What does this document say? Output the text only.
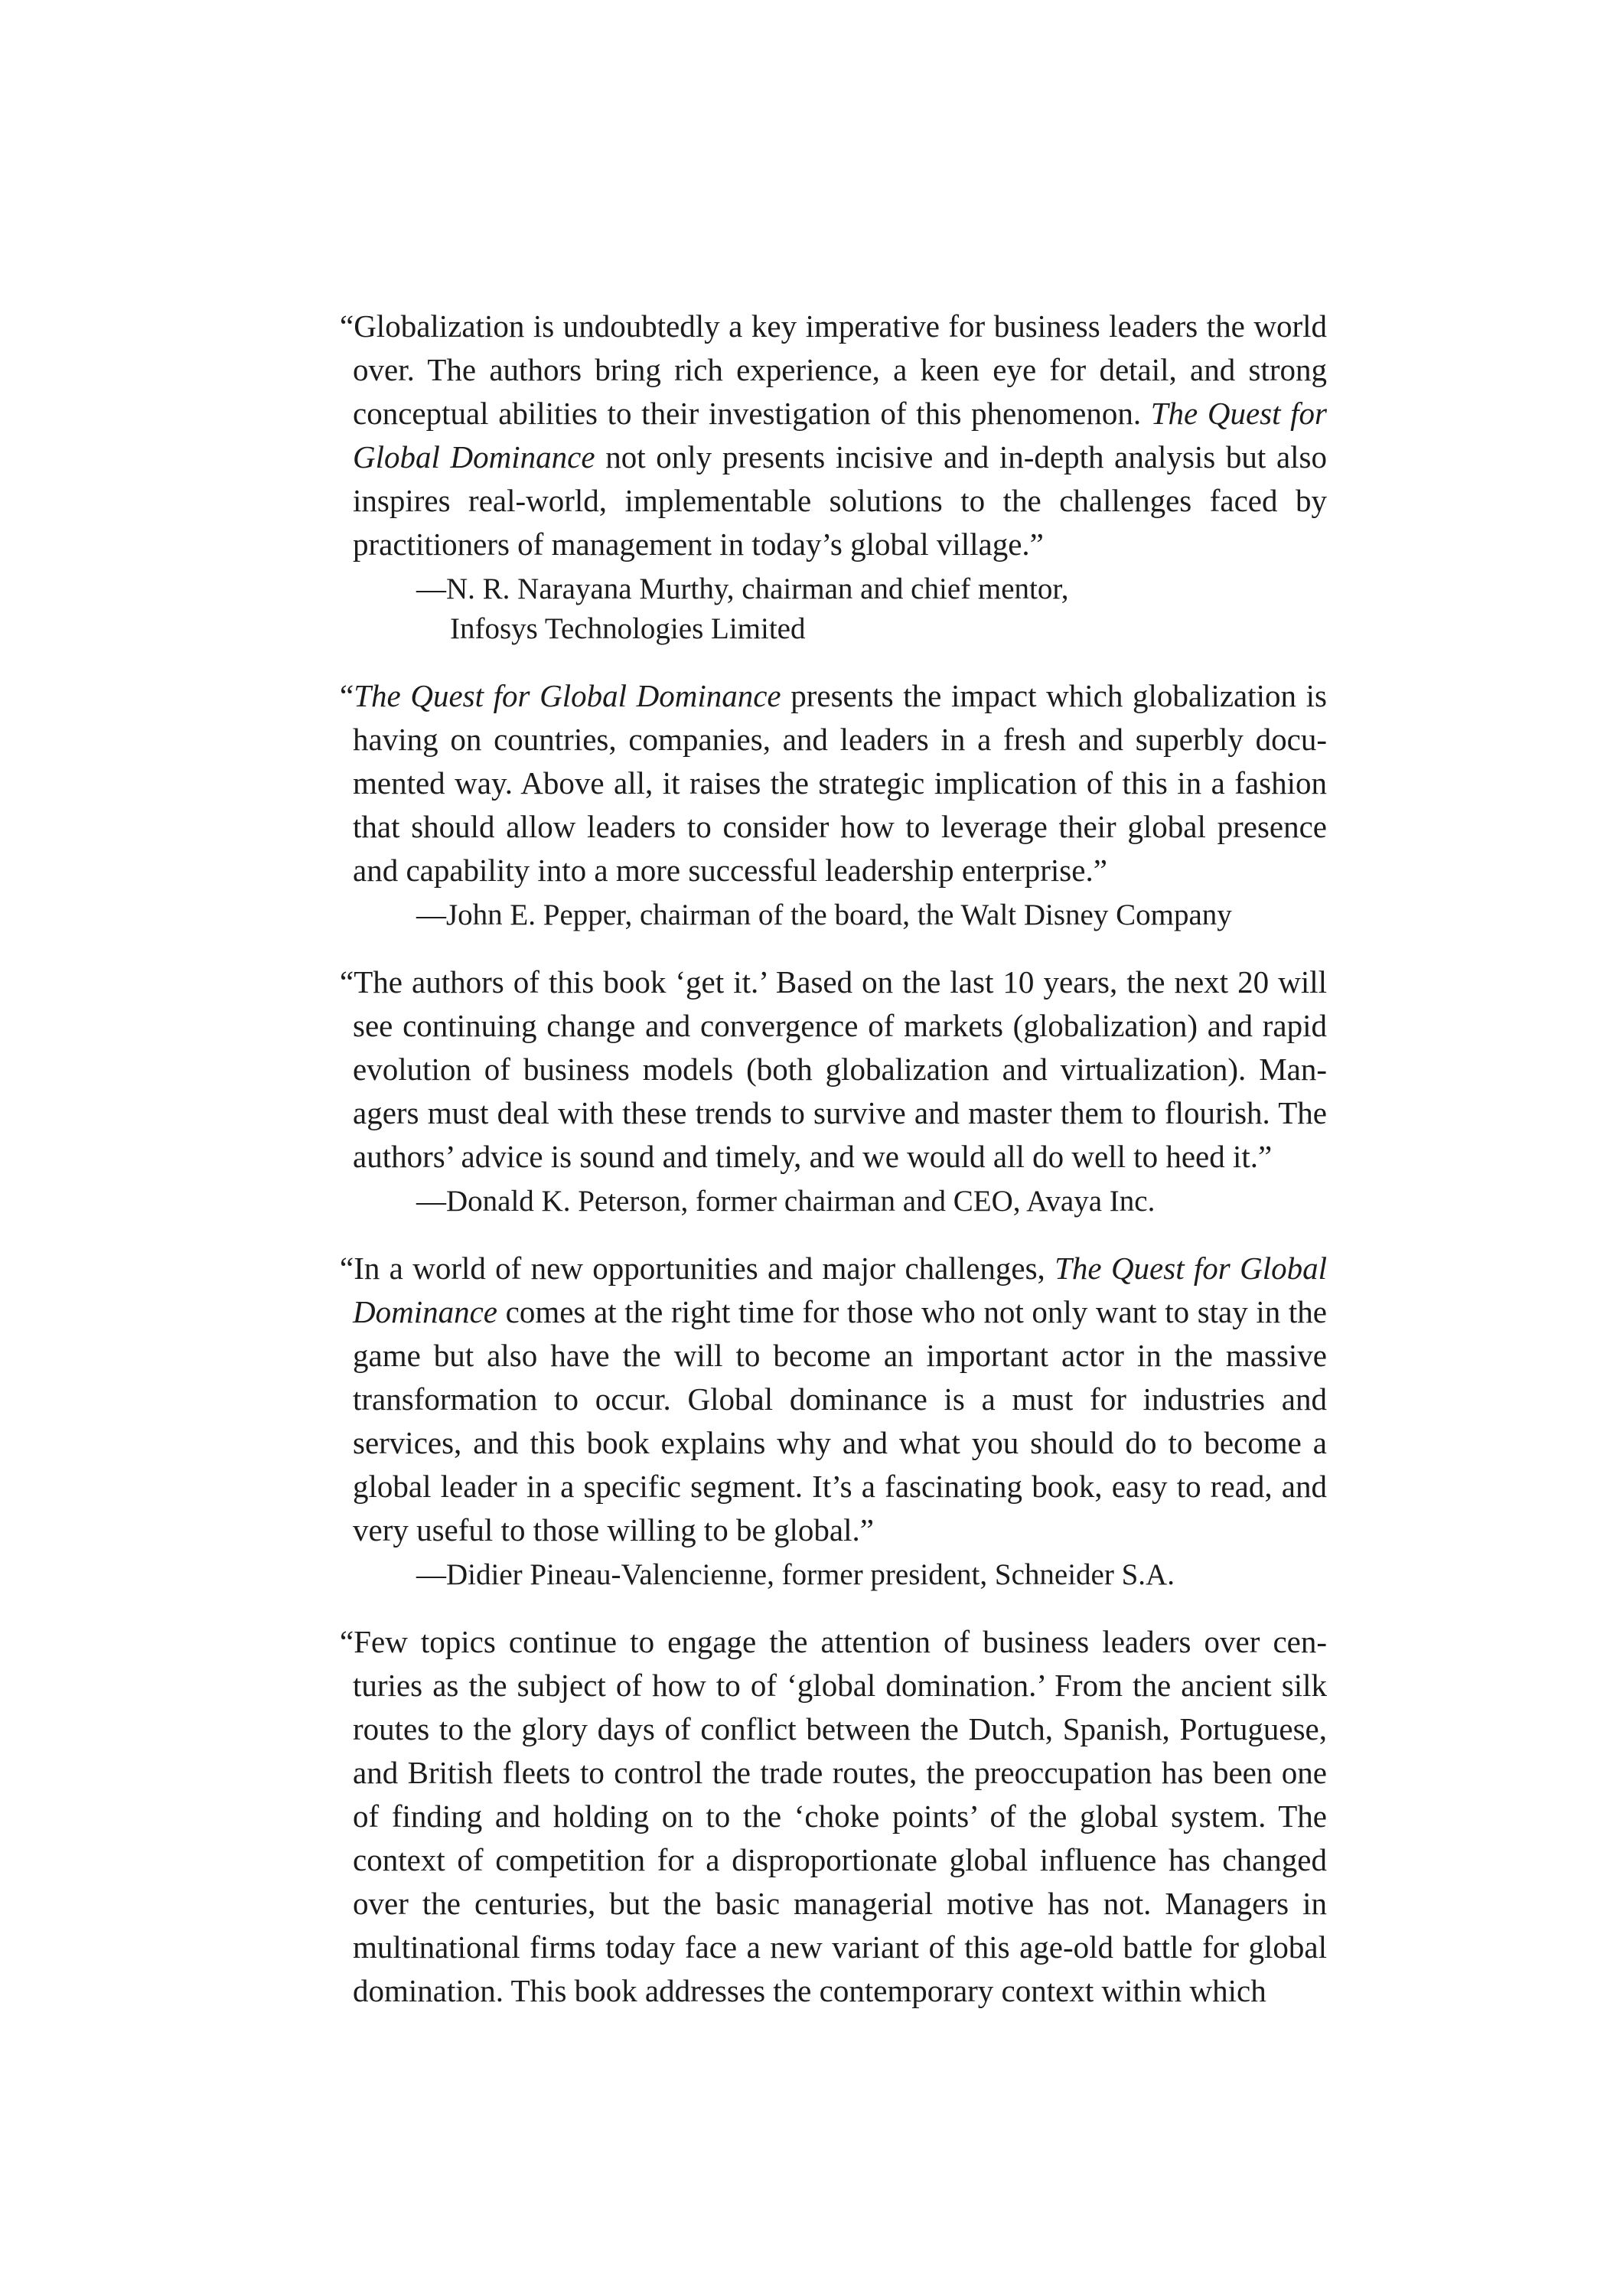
“Globalization is undoubtedly a key imperative for business leaders the world over. The authors bring rich experience, a keen eye for detail, and strong conceptual abilities to their investigation of this phenomenon. The Quest for Global Dominance not only presents incisive and in-depth analysis but also inspires real-world, implementable solutions to the challenges faced by practitioners of management in today’s global village.”

—N. R. Narayana Murthy, chairman and chief mentor,
Infosys Technologies Limited

“The Quest for Global Dominance presents the impact which globalization is having on countries, companies, and leaders in a fresh and superbly documented way. Above all, it raises the strategic implication of this in a fashion that should allow leaders to consider how to leverage their global presence and capability into a more successful leadership enterprise.”

—John E. Pepper, chairman of the board, the Walt Disney Company

“The authors of this book ‘get it.’ Based on the last 10 years, the next 20 will see continuing change and convergence of markets (globalization) and rapid evolution of business models (both globalization and virtualization). Managers must deal with these trends to survive and master them to flourish. The authors’ advice is sound and timely, and we would all do well to heed it.”

—Donald K. Peterson, former chairman and CEO, Avaya Inc.

“In a world of new opportunities and major challenges, The Quest for Global Dominance comes at the right time for those who not only want to stay in the game but also have the will to become an important actor in the massive transformation to occur. Global dominance is a must for industries and services, and this book explains why and what you should do to become a global leader in a specific segment. It’s a fascinating book, easy to read, and very useful to those willing to be global.”

—Didier Pineau-Valencienne, former president, Schneider S.A.

“Few topics continue to engage the attention of business leaders over centuries as the subject of how to of ‘global domination.’ From the ancient silk routes to the glory days of conflict between the Dutch, Spanish, Portuguese, and British fleets to control the trade routes, the preoccupation has been one of finding and holding on to the ‘choke points’ of the global system. The context of competition for a disproportionate global influence has changed over the centuries, but the basic managerial motive has not. Managers in multinational firms today face a new variant of this age-old battle for global domination. This book addresses the contemporary context within which
